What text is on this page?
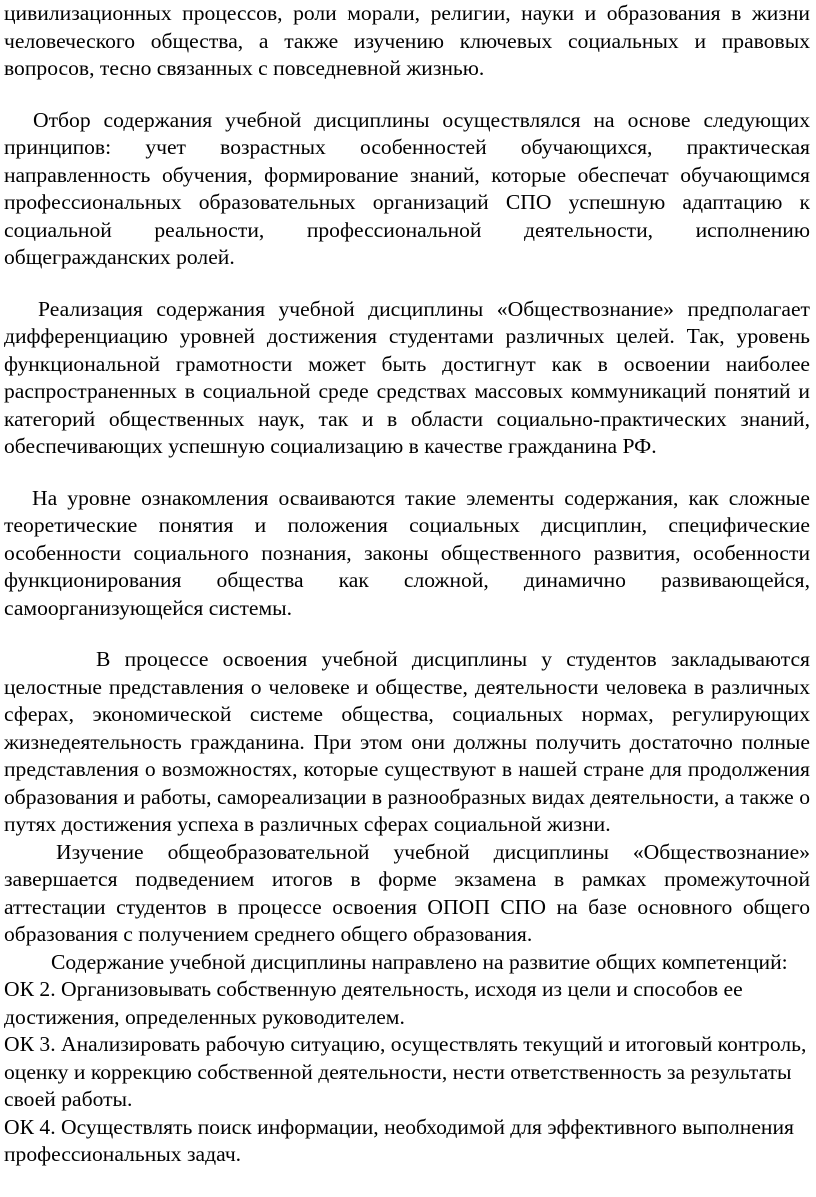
цивилизационных процессов, роли морали, религии, науки и образования в жизни человеческого общества, а также изучению ключевых социальных и правовых вопросов, тесно связанных с повседневной жизнью.

Отбор содержания учебной дисциплины осуществлялся на основе следующих принципов: учет возрастных особенностей обучающихся, практическая направленность обучения, формирование знаний, которые обеспечат обучающимся профессиональных образовательных организаций СПО успешную адаптацию к социальной реальности, профессиональной деятельности, исполнению общегражданских ролей.

Реализация содержания учебной дисциплины «Обществознание» предполагает дифференциацию уровней достижения студентами различных целей. Так, уровень функциональной грамотности может быть достигнут как в освоении наиболее распространенных в социальной среде средствах массовых коммуникаций понятий и категорий общественных наук, так и в области социально-практических знаний, обеспечивающих успешную социализацию в качестве гражданина РФ.

На уровне ознакомления осваиваются такие элементы содержания, как сложные теоретические понятия и положения социальных дисциплин, специфические особенности социального познания, законы общественного развития, особенности функционирования общества как сложной, динамично развивающейся, самоорганизующейся системы.

В процессе освоения учебной дисциплины у студентов закладываются целостные представления о человеке и обществе, деятельности человека в различных сферах, экономической системе общества, социальных нормах, регулирующих жизнедеятельность гражданина. При этом они должны получить достаточно полные представления о возможностях, которые существуют в нашей стране для продолжения образования и работы, самореализации в разнообразных видах деятельности, а также о путях достижения успеха в различных сферах социальной жизни.

Изучение общеобразовательной учебной дисциплины «Обществознание» завершается подведением итогов в форме экзамена в рамках промежуточной аттестации студентов в процессе освоения ОПОП СПО на базе основного общего образования с получением среднего общего образования.

Содержание учебной дисциплины направлено на развитие общих компетенций:

ОК 2. Организовывать собственную деятельность, исходя из цели и способов ее достижения, определенных руководителем.

ОК 3. Анализировать рабочую ситуацию, осуществлять текущий и итоговый контроль, оценку и коррекцию собственной деятельности, нести ответственность за результаты своей работы.

ОК 4. Осуществлять поиск информации, необходимой для эффективного выполнения профессиональных задач.
